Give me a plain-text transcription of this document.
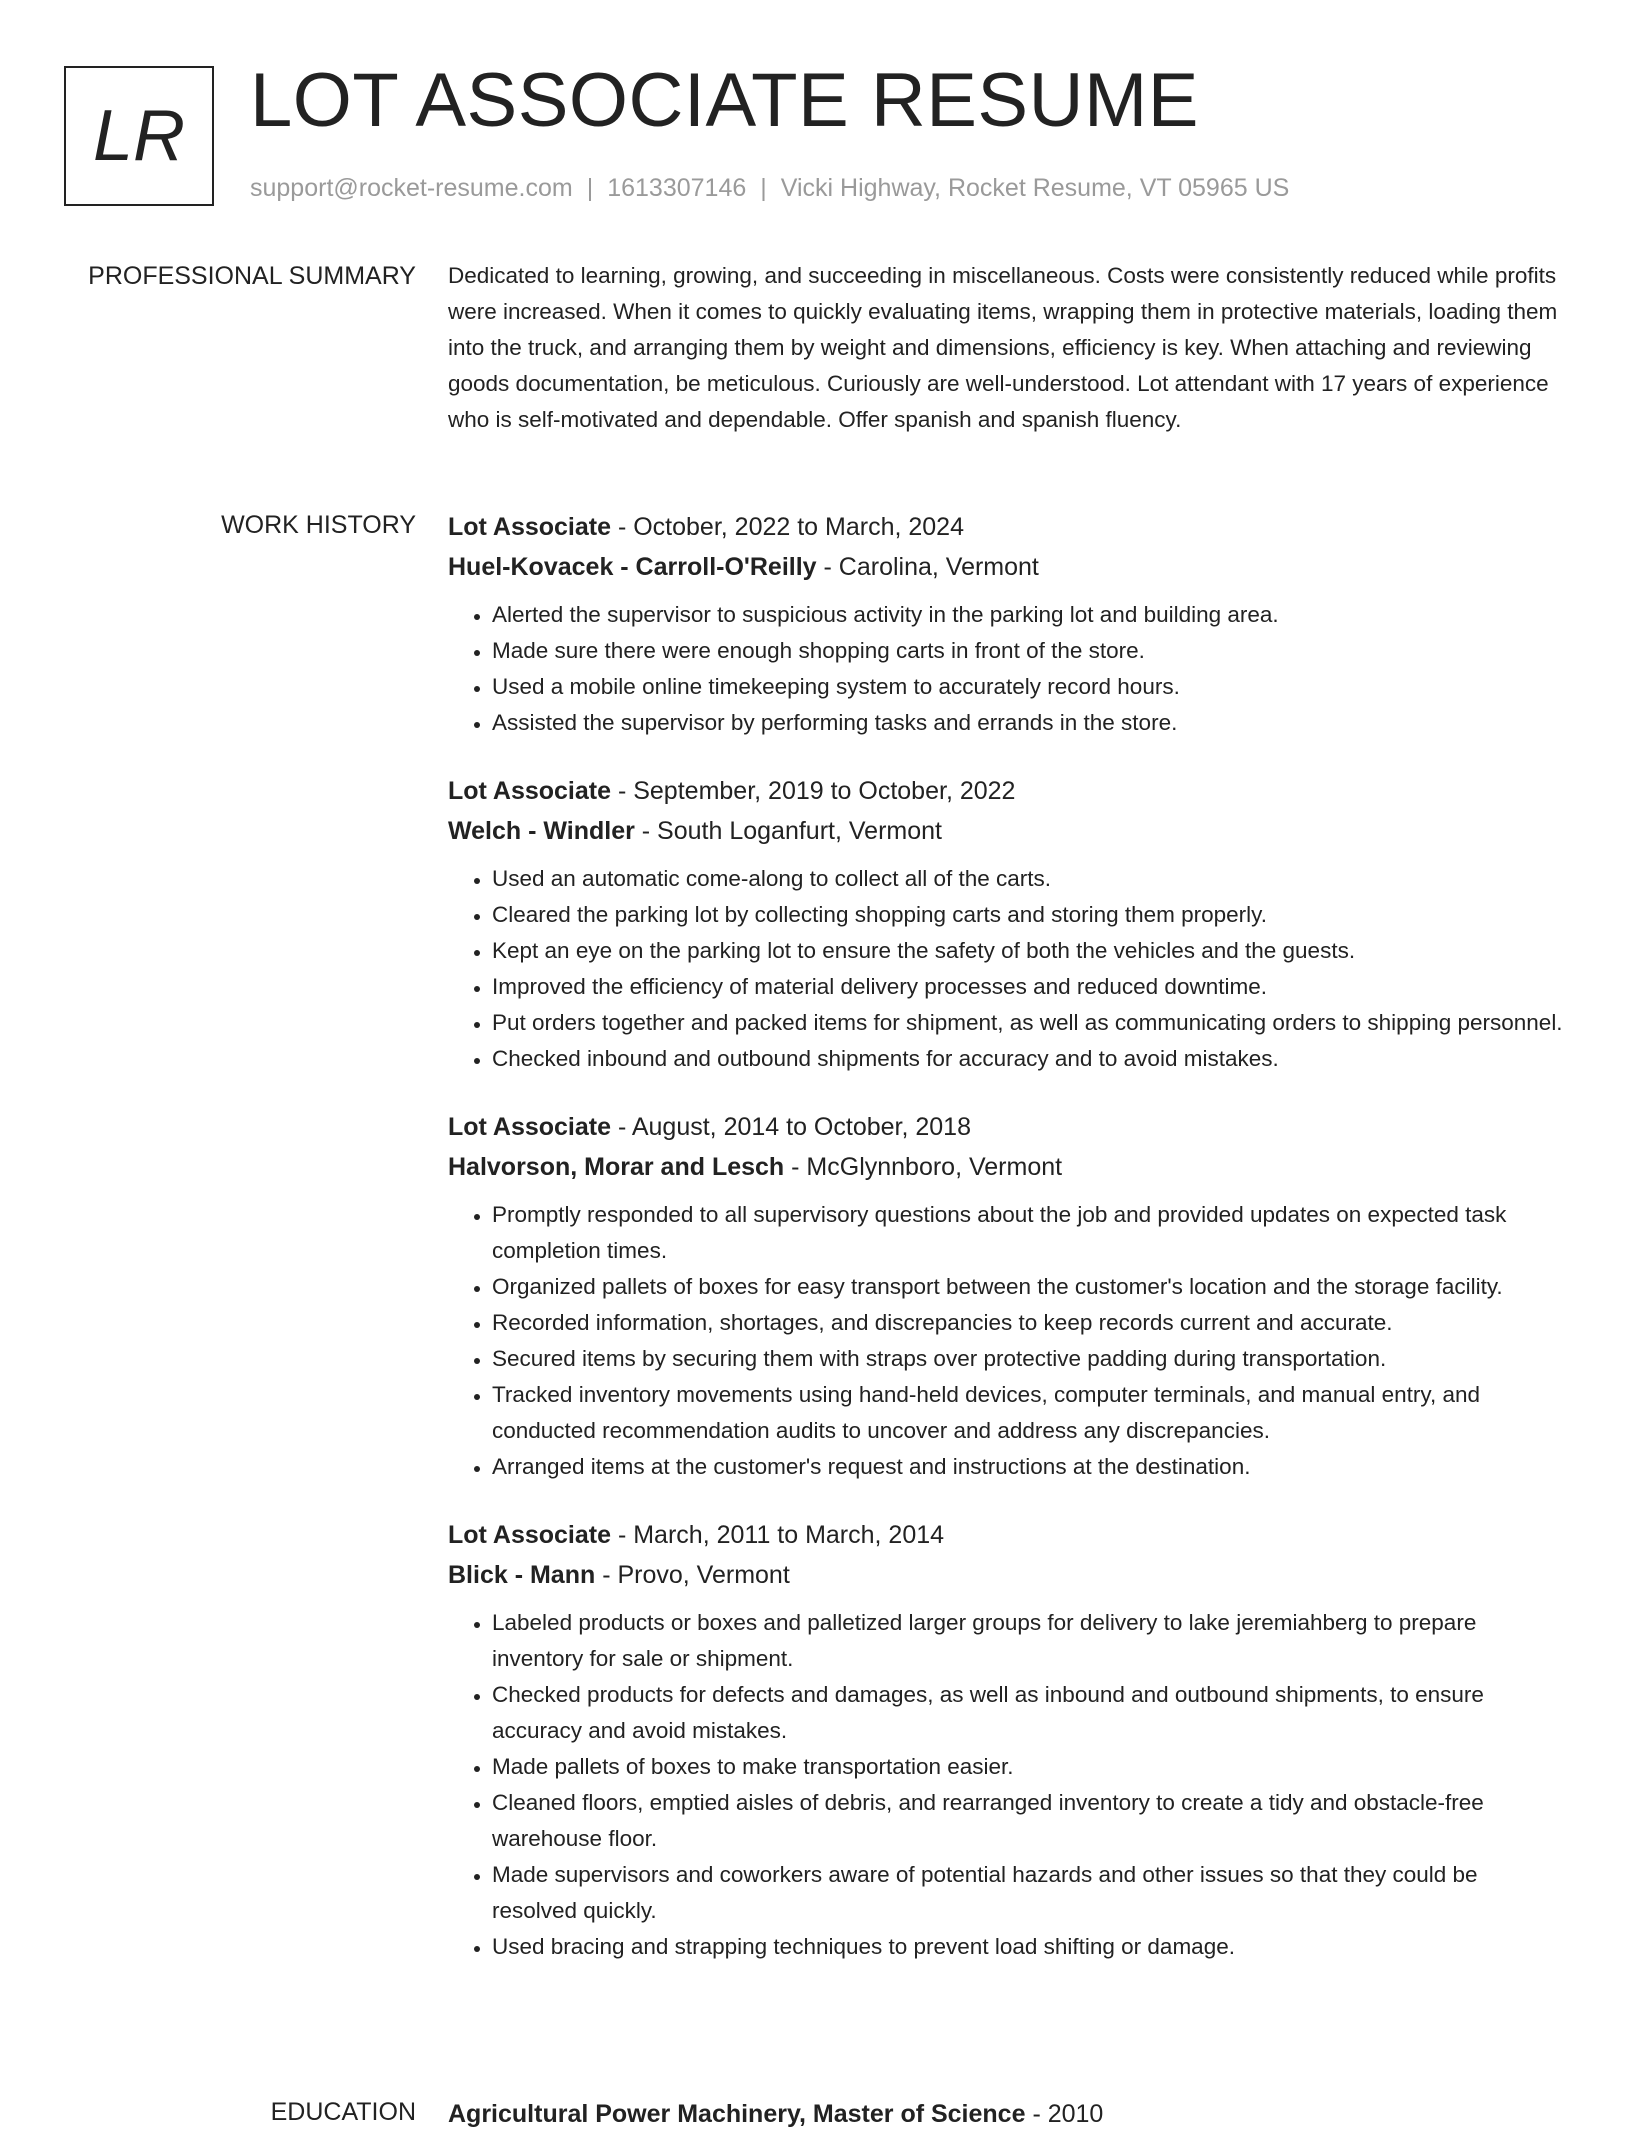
LR LOT ASSOCIATE RESUME
support@rocket-resume.com | 1613307146 | Vicki Highway, Rocket Resume, VT 05965 US
PROFESSIONAL SUMMARY Dedicated to learning, growing, and succeeding in miscellaneous. Costs were consistently reduced while profits were increased. When it comes to quickly evaluating items, wrapping them in protective materials, loading them into the truck, and arranging them by weight and dimensions, efficiency is key. When attaching and reviewing goods documentation, be meticulous. Curiously are well-understood. Lot attendant with 17 years of experience who is self-motivated and dependable. Offer spanish and spanish fluency.

WORK HISTORY Lot Associate - October, 2022 to March, 2024
Huel-Kovacek - Carroll-O'Reilly - Carolina, Vermont
• Alerted the supervisor to suspicious activity in the parking lot and building area.
• Made sure there were enough shopping carts in front of the store.
• Used a mobile online timekeeping system to accurately record hours.
• Assisted the supervisor by performing tasks and errands in the store.
Lot Associate - September, 2019 to October, 2022
Welch - Windler - South Loganfurt, Vermont
• Used an automatic come-along to collect all of the carts.
• Cleared the parking lot by collecting shopping carts and storing them properly.
• Kept an eye on the parking lot to ensure the safety of both the vehicles and the guests.
• Improved the efficiency of material delivery processes and reduced downtime.
• Put orders together and packed items for shipment, as well as communicating orders to shipping personnel.
• Checked inbound and outbound shipments for accuracy and to avoid mistakes.
Lot Associate - August, 2014 to October, 2018
Halvorson, Morar and Lesch - McGlynnboro, Vermont
• Promptly responded to all supervisory questions about the job and provided updates on expected task completion times.
• Organized pallets of boxes for easy transport between the customer's location and the storage facility.
• Recorded information, shortages, and discrepancies to keep records current and accurate.
• Secured items by securing them with straps over protective padding during transportation.
• Tracked inventory movements using hand-held devices, computer terminals, and manual entry, and conducted recommendation audits to uncover and address any discrepancies.
• Arranged items at the customer's request and instructions at the destination.
Lot Associate - March, 2011 to March, 2014
Blick - Mann - Provo, Vermont
• Labeled products or boxes and palletized larger groups for delivery to lake jeremiahberg to prepare inventory for sale or shipment.
• Checked products for defects and damages, as well as inbound and outbound shipments, to ensure accuracy and avoid mistakes.
• Made pallets of boxes to make transportation easier.
• Cleaned floors, emptied aisles of debris, and rearranged inventory to create a tidy and obstacle-free warehouse floor.
• Made supervisors and coworkers aware of potential hazards and other issues so that they could be resolved quickly.
• Used bracing and strapping techniques to prevent load shifting or damage.
EDUCATION Agricultural Power Machinery, Master of Science - 2010
